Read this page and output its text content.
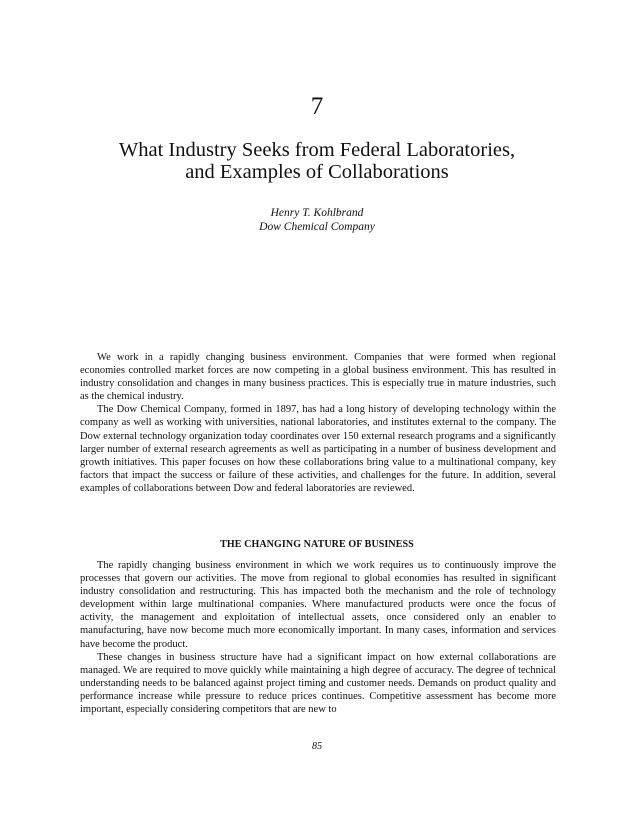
7
What Industry Seeks from Federal Laboratories,
and Examples of Collaborations
Henry T. Kohlbrand
Dow Chemical Company

We work in a rapidly changing business environment. Companies that were formed when regional economies controlled market forces are now competing in a global business environment. This has resulted in industry consolidation and changes in many business practices. This is especially true in mature industries, such as the chemical industry.

The Dow Chemical Company, formed in 1897, has had a long history of developing technology within the company as well as working with universities, national laboratories, and institutes external to the company. The Dow external technology organization today coordinates over 150 external research programs and a significantly larger number of external research agreements as well as participating in a number of business development and growth initiatives. This paper focuses on how these collaborations bring value to a multinational company, key factors that impact the success or failure of these activities, and challenges for the future. In addition, several examples of collaborations between Dow and federal laboratories are reviewed.

THE CHANGING NATURE OF BUSINESS

The rapidly changing business environment in which we work requires us to continuously improve the processes that govern our activities. The move from regional to global economies has resulted in significant industry consolidation and restructuring. This has impacted both the mechanism and the role of technology development within large multinational companies. Where manufactured products were once the focus of activity, the management and exploitation of intellectual assets, once considered only an enabler to manufacturing, have now become much more economically important. In many cases, information and services have become the product.

These changes in business structure have had a significant impact on how external collaborations are managed. We are required to move quickly while maintaining a high degree of accuracy. The degree of technical understanding needs to be balanced against project timing and customer needs. Demands on product quality and performance increase while pressure to reduce prices continues. Competitive assessment has become more important, especially considering competitors that are new to

85
